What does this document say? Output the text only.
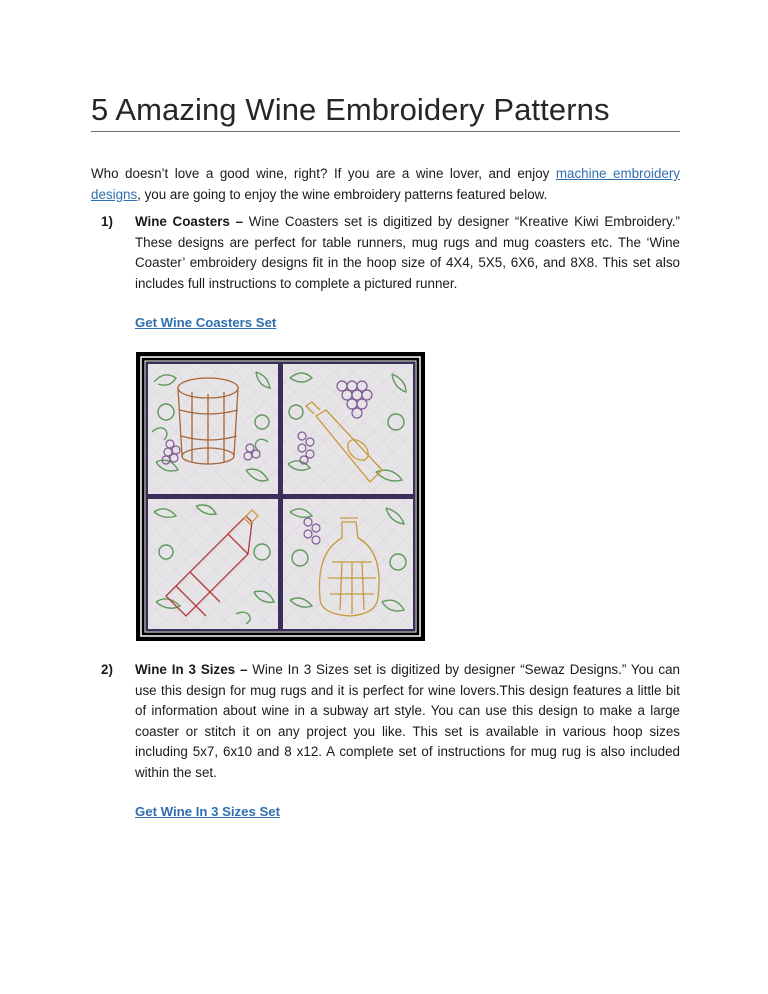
5 Amazing Wine Embroidery Patterns

Who doesn’t love a good wine, right? If you are a wine lover, and enjoy machine embroidery designs, you are going to enjoy the wine embroidery patterns featured below.

1) Wine Coasters – Wine Coasters set is digitized by designer “Kreative Kiwi Embroidery.” These designs are perfect for table runners, mug rugs and mug coasters etc. The ‘Wine Coaster’ embroidery designs fit in the hoop size of 4X4, 5X5, 6X6, and 8X8. This set also includes full instructions to complete a pictured runner.
Get Wine Coasters Set
2) Wine In 3 Sizes – Wine In 3 Sizes set is digitized by designer “Sewaz Designs.” You can use this design for mug rugs and it is perfect for wine lovers.This design features a little bit of information about wine in a subway art style. You can use this design to make a large coaster or stitch it on any project you like. This set is available in various hoop sizes including 5x7, 6x10 and 8 x12. A complete set of instructions for mug rug is also included within the set.
Get Wine In 3 Sizes Set
